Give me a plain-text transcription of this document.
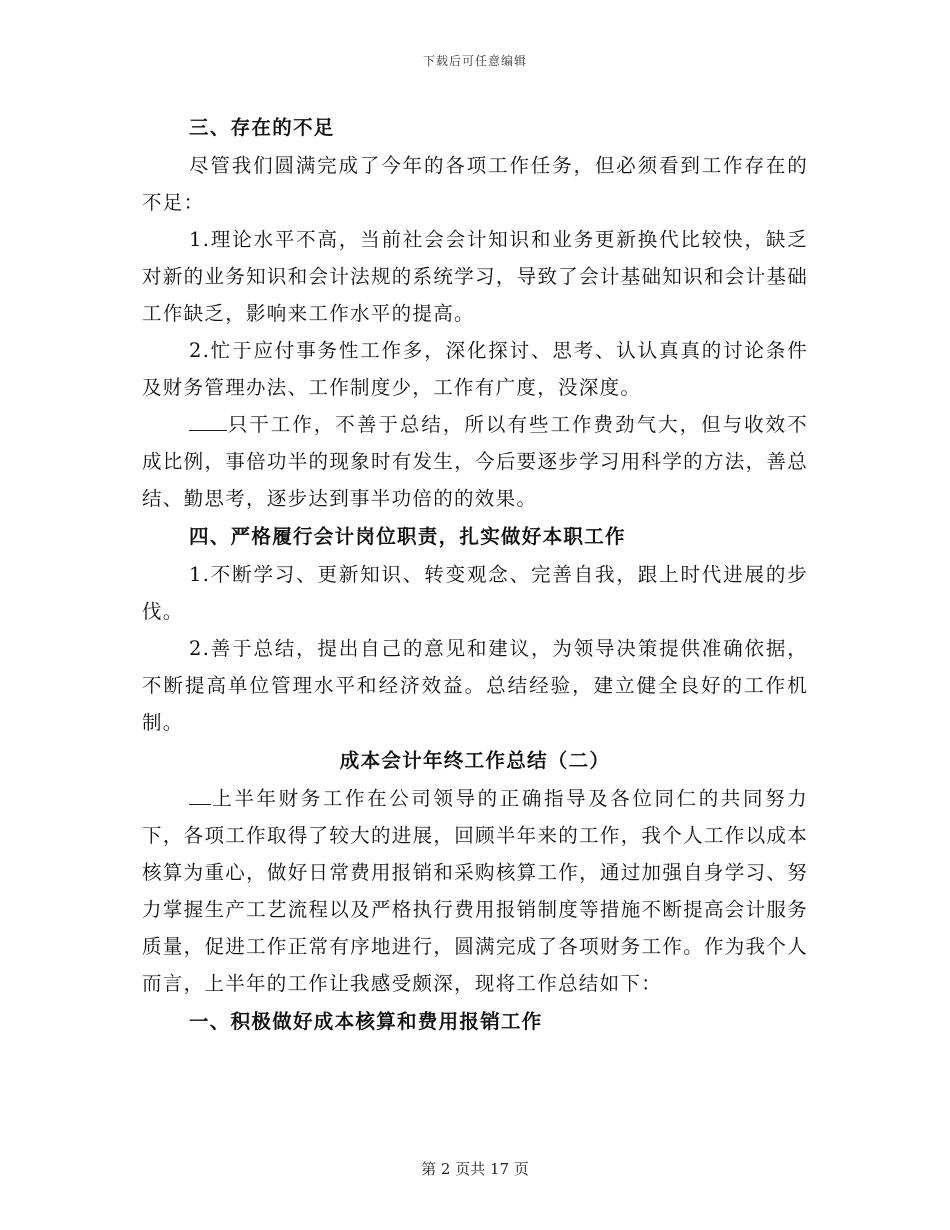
下载后可任意编辑

三、存在的不足

尽管我们圆满完成了今年的各项工作任务，但必须看到工作存在的不足：

1.理论水平不高，当前社会会计知识和业务更新换代比较快，缺乏对新的业务知识和会计法规的系统学习，导致了会计基础知识和会计基础工作缺乏，影响来工作水平的提高。

2.忙于应付事务性工作多，深化探讨、思考、认认真真的讨论条件及财务管理办法、工作制度少，工作有广度，没深度。

只干工作，不善于总结，所以有些工作费劲气大，但与收效不成比例，事倍功半的现象时有发生，今后要逐步学习用科学的方法，善总结、勤思考，逐步达到事半功倍的的效果。

四、严格履行会计岗位职责，扎实做好本职工作

1.不断学习、更新知识、转变观念、完善自我，跟上时代进展的步伐。

2.善于总结，提出自己的意见和建议，为领导决策提供准确依据，不断提高单位管理水平和经济效益。总结经验，建立健全良好的工作机制。

成本会计年终工作总结（二）

上半年财务工作在公司领导的正确指导及各位同仁的共同努力下，各项工作取得了较大的进展，回顾半年来的工作，我个人工作以成本核算为重心，做好日常费用报销和采购核算工作，通过加强自身学习、努力掌握生产工艺流程以及严格执行费用报销制度等措施不断提高会计服务质量，促进工作正常有序地进行，圆满完成了各项财务工作。作为我个人而言，上半年的工作让我感受颇深，现将工作总结如下：

一、积极做好成本核算和费用报销工作

第 2 页共 17 页
